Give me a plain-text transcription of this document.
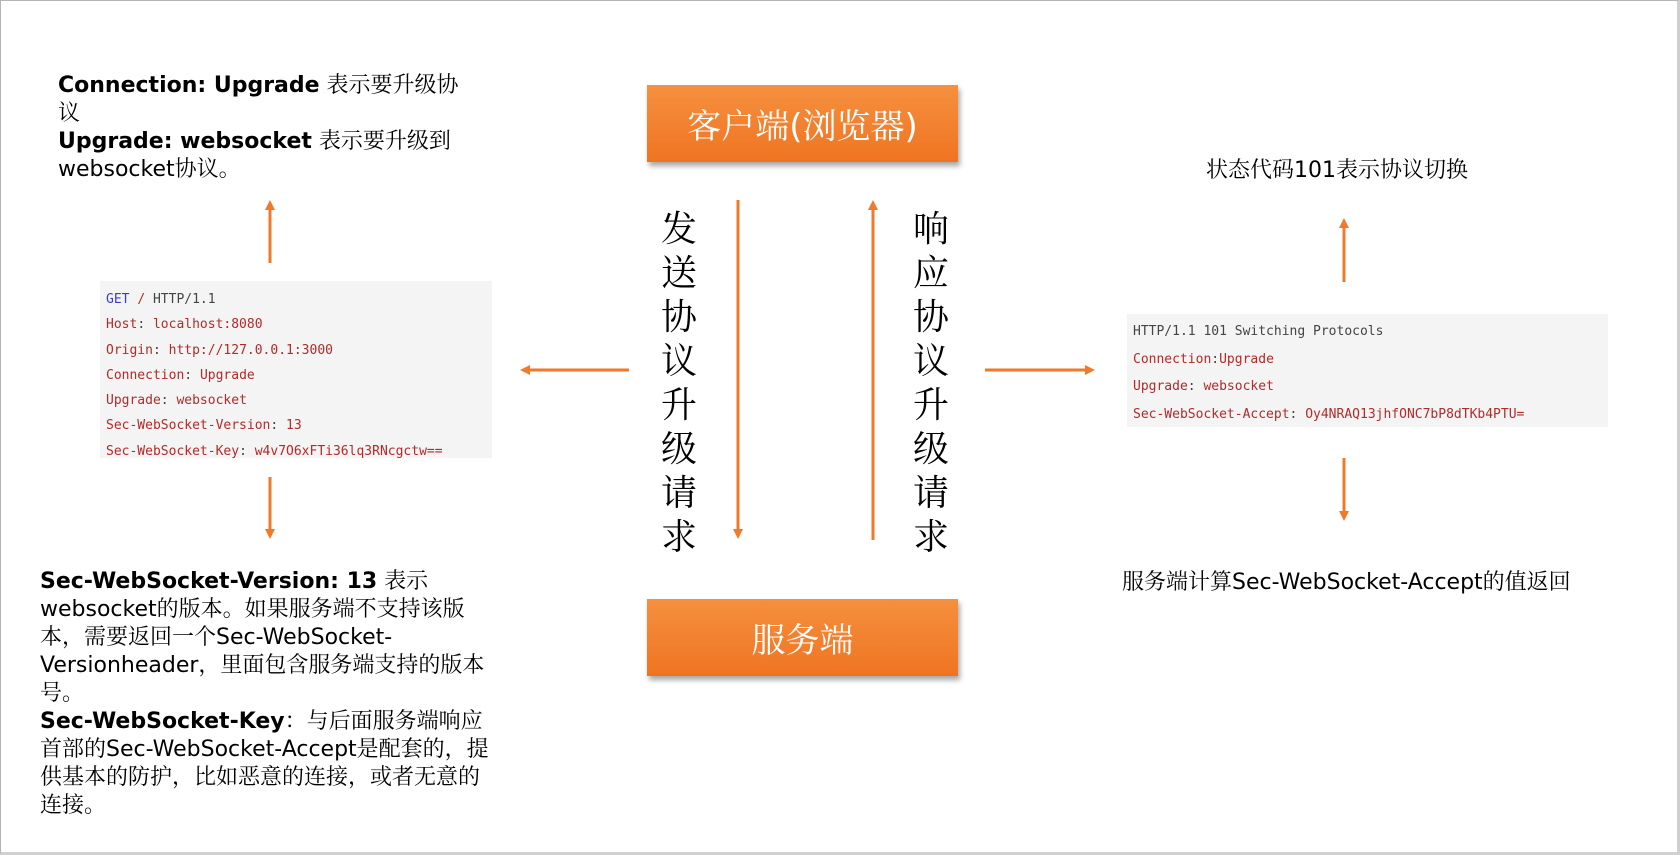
客户端(浏览器)
服务端
发
送
协
议
升
级
请
求
响
应
协
议
升
级
请
求
Connection: Upgrade 表示要升级协议
Upgrade: websocket 表示要升级到websocket协议。
Sec-WebSocket-Version: 13 表示websocket的版本。如果服务端不支持该版本，需要返回一个Sec-WebSocket-Versionheader，里面包含服务端支持的版本号。
Sec-WebSocket-Key：与后面服务端响应首部的Sec-WebSocket-Accept是配套的，提供基本的防护，比如恶意的连接，或者无意的连接。
GET / HTTP/1.1
Host: localhost:8080
Origin: http://127.0.0.1:3000
Connection: Upgrade
Upgrade: websocket
Sec-WebSocket-Version: 13
Sec-WebSocket-Key: w4v7O6xFTi36lq3RNcgctw==
状态代码101表示协议切换
HTTP/1.1 101 Switching Protocols
Connection:Upgrade
Upgrade: websocket
Sec-WebSocket-Accept: Oy4NRAQ13jhfONC7bP8dTKb4PTU=
服务端计算Sec-WebSocket-Accept的值返回
